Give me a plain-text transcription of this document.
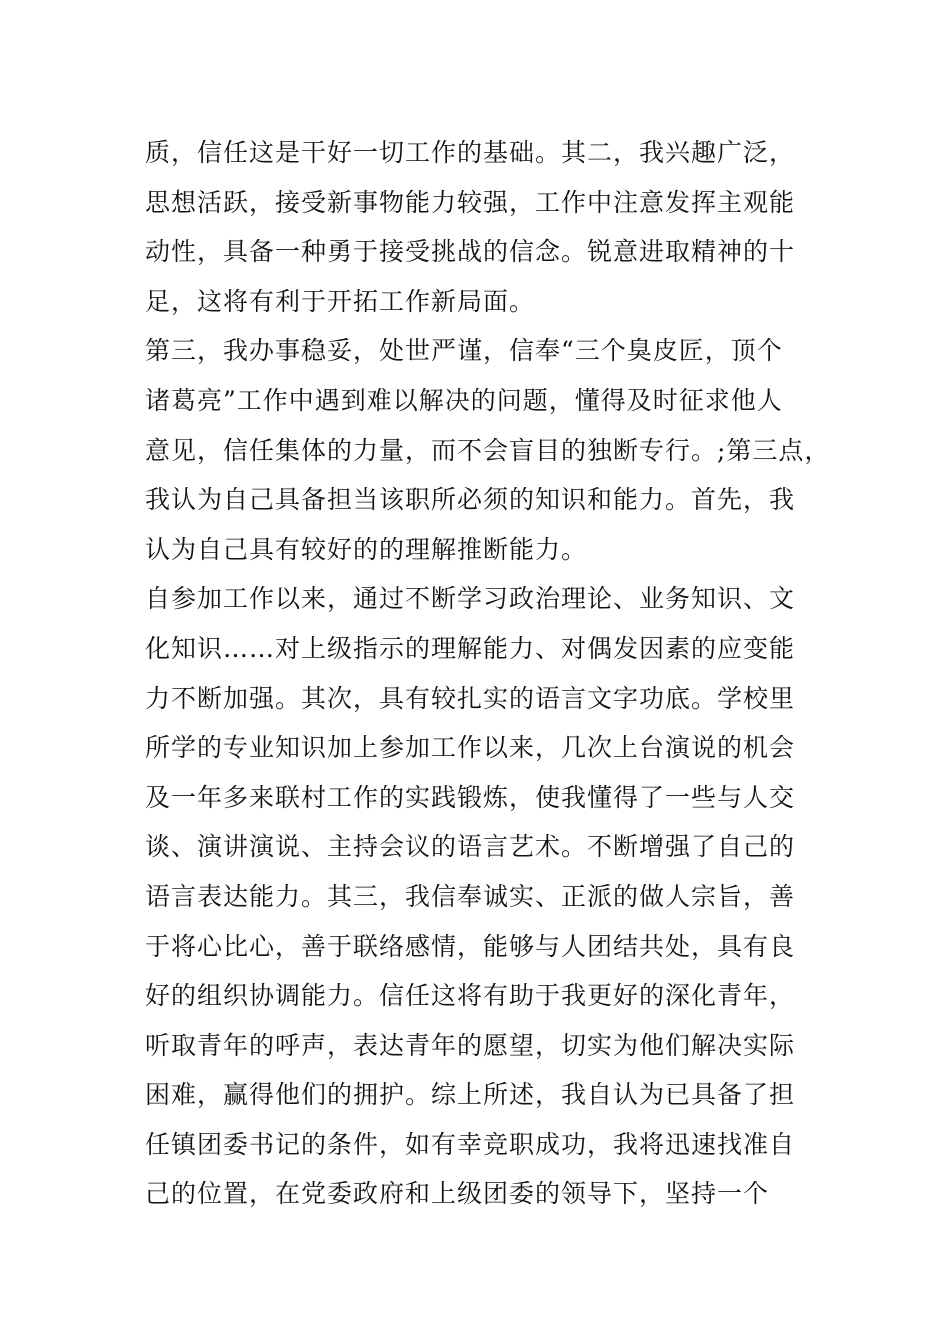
质，信任这是干好一切工作的基础。其二，我兴趣广泛，
思想活跃，接受新事物能力较强，工作中注意发挥主观能
动性，具备一种勇于接受挑战的信念。锐意进取精神的十
足，这将有利于开拓工作新局面。
第三，我办事稳妥，处世严谨，信奉“三个臭皮匠，顶个
诸葛亮”工作中遇到难以解决的问题，懂得及时征求他人
意见，信任集体的力量，而不会盲目的独断专行。;第三点，
我认为自己具备担当该职所必须的知识和能力。首先，我
认为自己具有较好的的理解推断能力。
自参加工作以来，通过不断学习政治理论、业务知识、文
化知识……对上级指示的理解能力、对偶发因素的应变能
力不断加强。其次，具有较扎实的语言文字功底。学校里
所学的专业知识加上参加工作以来，几次上台演说的机会
及一年多来联村工作的实践锻炼，使我懂得了一些与人交
谈、演讲演说、主持会议的语言艺术。不断增强了自己的
语言表达能力。其三，我信奉诚实、正派的做人宗旨，善
于将心比心，善于联络感情，能够与人团结共处，具有良
好的组织协调能力。信任这将有助于我更好的深化青年，
听取青年的呼声，表达青年的愿望，切实为他们解决实际
困难，赢得他们的拥护。综上所述，我自认为已具备了担
任镇团委书记的条件，如有幸竞职成功，我将迅速找准自
己的位置，在党委政府和上级团委的领导下，坚持一个
